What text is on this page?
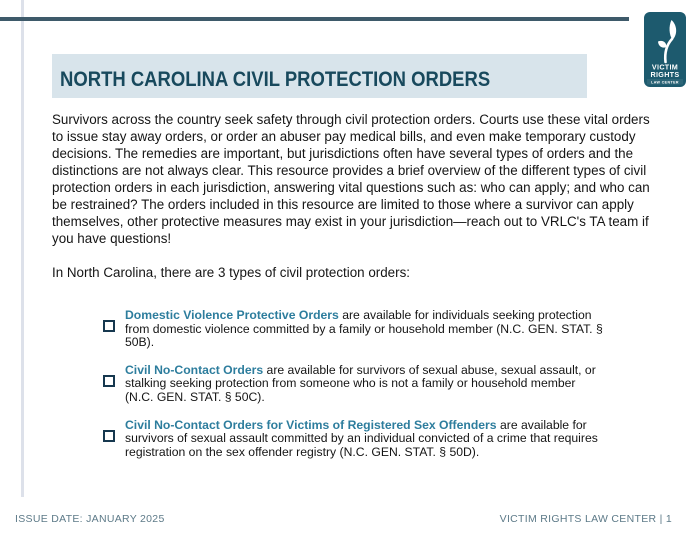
VICTIM
RIGHTS
LAW CENTER
NORTH CAROLINA CIVIL PROTECTION ORDERS

Survivors across the country seek safety through civil protection orders. Courts use these vital orders to issue stay away orders, or order an abuser pay medical bills, and even make temporary custody decisions. The remedies are important, but jurisdictions often have several types of orders and the distinctions are not always clear. This resource provides a brief overview of the different types of civil protection orders in each jurisdiction, answering vital questions such as: who can apply; and who can be restrained? The orders included in this resource are limited to those where a survivor can apply themselves, other protective measures may exist in your jurisdiction—reach out to VRLC's TA team if you have questions!

In North Carolina, there are 3 types of civil protection orders:

Domestic Violence Protective Orders are available for individuals seeking protection from domestic violence committed by a family or household member (N.C. GEN. STAT. § 50B).

Civil No-Contact Orders are available for survivors of sexual abuse, sexual assault, or stalking seeking protection from someone who is not a family or household member (N.C. GEN. STAT. § 50C).

Civil No-Contact Orders for Victims of Registered Sex Offenders are available for survivors of sexual assault committed by an individual convicted of a crime that requires registration on the sex offender registry (N.C. GEN. STAT. § 50D).

ISSUE DATE: JANUARY 2025	VICTIM RIGHTS LAW CENTER | 1
